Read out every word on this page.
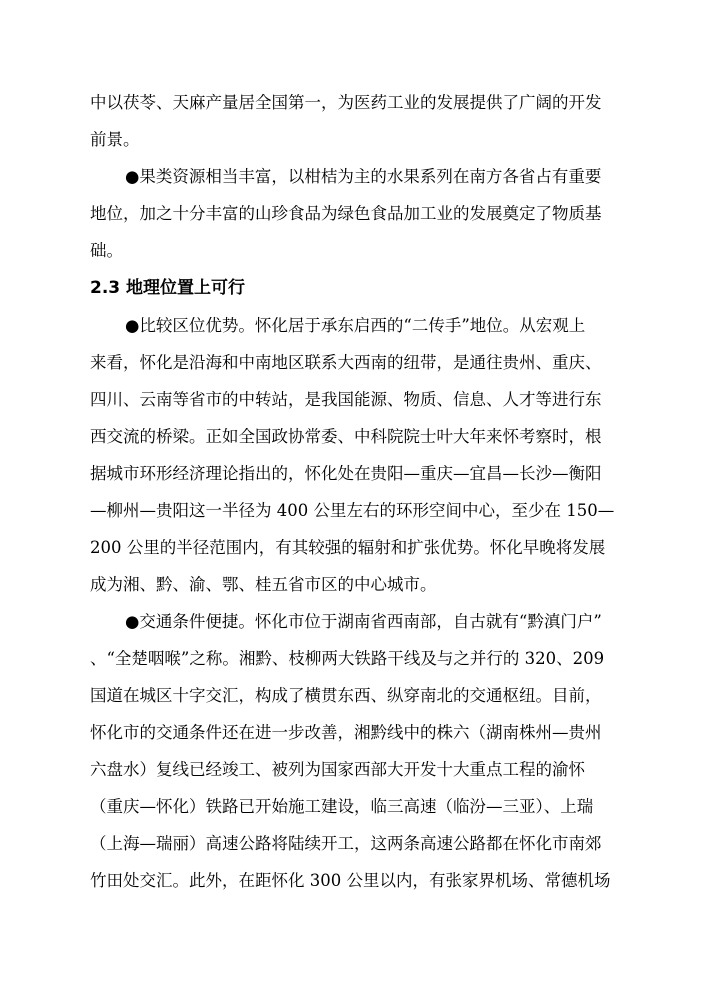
中以茯苓、天麻产量居全国第一，为医药工业的发展提供了广阔的开发
前景。
●果类资源相当丰富，以柑桔为主的水果系列在南方各省占有重要
地位，加之十分丰富的山珍食品为绿色食品加工业的发展奠定了物质基
础。
2.3 地理位置上可行
●比较区位优势。怀化居于承东启西的“二传手”地位。从宏观上
来看，怀化是沿海和中南地区联系大西南的纽带，是通往贵州、重庆、
四川、云南等省市的中转站，是我国能源、物质、信息、人才等进行东
西交流的桥梁。正如全国政协常委、中科院院士叶大年来怀考察时，根
据城市环形经济理论指出的，怀化处在贵阳—重庆—宜昌—长沙—衡阳
—柳州—贵阳这一半径为 400 公里左右的环形空间中心，至少在 150—
200 公里的半径范围内，有其较强的辐射和扩张优势。怀化早晚将发展
成为湘、黔、渝、鄂、桂五省市区的中心城市。
●交通条件便捷。怀化市位于湖南省西南部，自古就有“黔滇门户”
、“全楚咽喉”之称。湘黔、枝柳两大铁路干线及与之并行的 320、209
国道在城区十字交汇，构成了横贯东西、纵穿南北的交通枢纽。目前，
怀化市的交通条件还在进一步改善，湘黔线中的株六（湖南株州—贵州
六盘水）复线已经竣工、被列为国家西部大开发十大重点工程的渝怀
（重庆—怀化）铁路已开始施工建设，临三高速（临汾—三亚）、上瑞
（上海—瑞丽）高速公路将陆续开工，这两条高速公路都在怀化市南郊
竹田处交汇。此外，在距怀化 300 公里以内，有张家界机场、常德机场
